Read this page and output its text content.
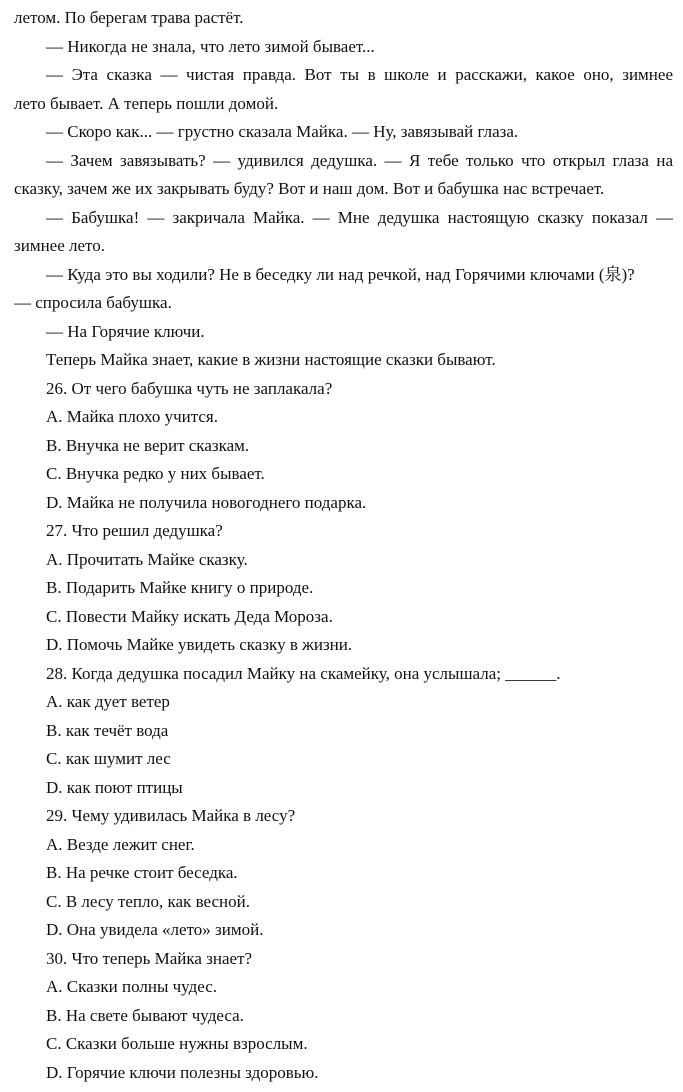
летом. По берегам трава растёт.
— Никогда не знала, что лето зимой бывает...
— Эта сказка — чистая правда. Вот ты в школе и расскажи, какое оно, зимнее
лето бывает. А теперь пошли домой.
— Скоро как... — грустно сказала Майка. — Ну, завязывай глаза.
— Зачем завязывать? — удивился дедушка. — Я тебе только что открыл глаза на
сказку, зачем же их закрывать буду? Вот и наш дом. Вот и бабушка нас встречает.
— Бабушка! — закричала Майка. — Мне дедушка настоящую сказку показал —
зимнее лето.
— Куда это вы ходили? Не в беседку ли над речкой, над Горячими ключами (泉)?
— спросила бабушка.
— На Горячие ключи.
Теперь Майка знает, какие в жизни настоящие сказки бывают.
26. От чего бабушка чуть не заплакала?
A. Майка плохо учится.
B. Внучка не верит сказкам.
C. Внучка редко у них бывает.
D. Майка не получила новогоднего подарка.
27. Что решил дедушка?
A. Прочитать Майке сказку.
B. Подарить Майке книгу о природе.
C. Повести Майку искать Деда Мороза.
D. Помочь Майке увидеть сказку в жизни.
28. Когда дедушка посадил Майку на скамейку, она услышала; ______.
A. как дует ветер
B. как течёт вода
C. как шумит лес
D. как поют птицы
29. Чему удивилась Майка в лесу?
A. Везде лежит снег.
B. На речке стоит беседка.
C. В лесу тепло, как весной.
D. Она увидела «лето» зимой.
30. Что теперь Майка знает?
A. Сказки полны чудес.
B. На свете бывают чудеса.
C. Сказки больше нужны взрослым.
D. Горячие ключи полезны здоровью.
